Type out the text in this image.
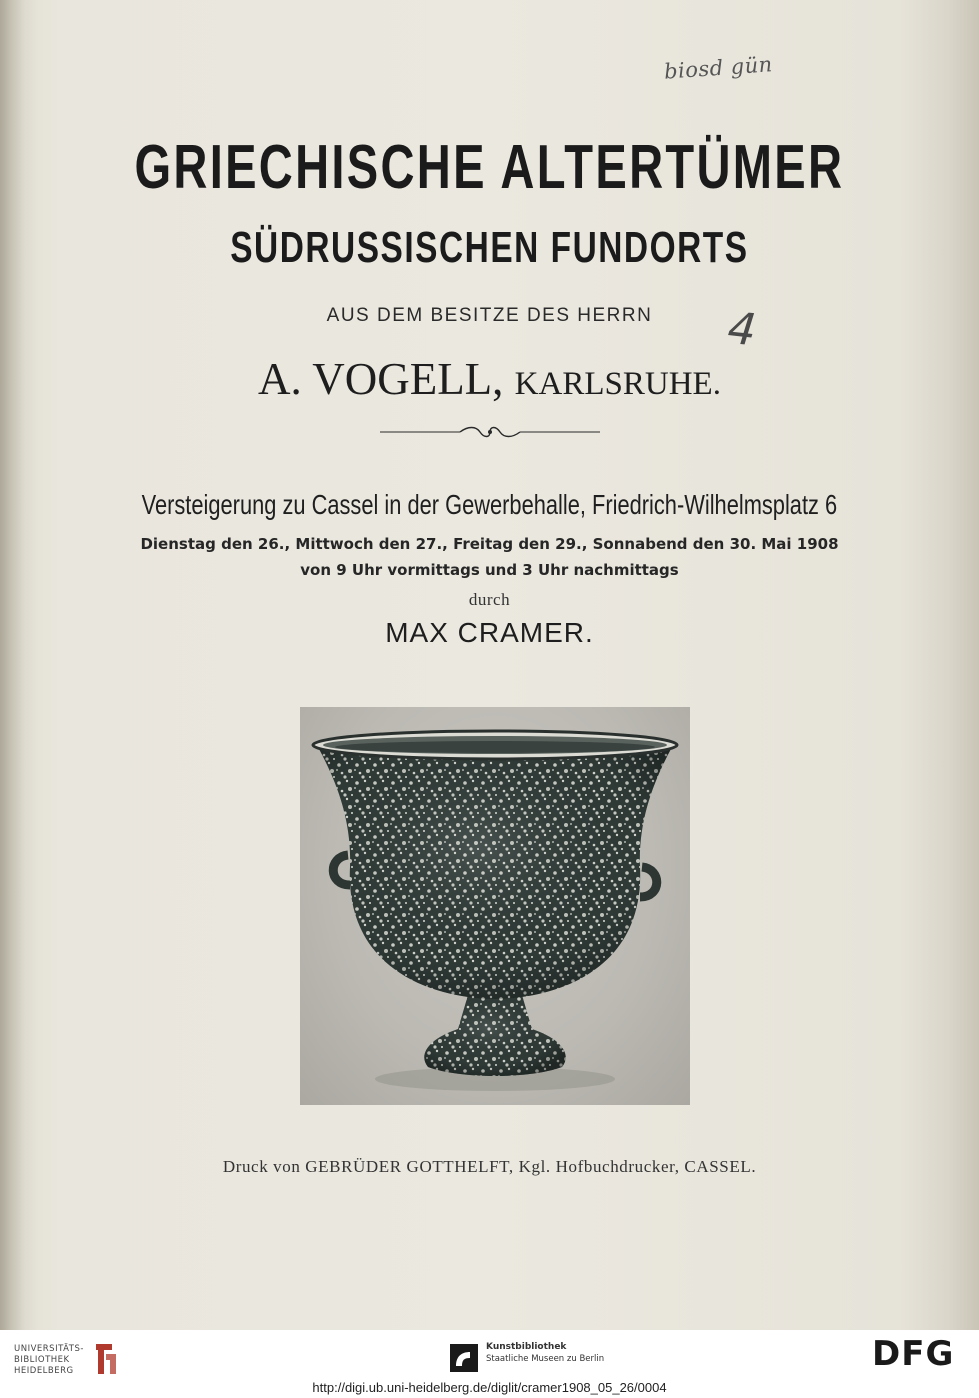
biosd gün
4
GRIECHISCHE ALTERTÜMER
SÜDRUSSISCHEN FUNDORTS
AUS DEM BESITZE DES HERRN
A. VOGELL, KARLSRUHE.
Versteigerung zu Cassel in der Gewerbehalle, Friedrich-Wilhelmsplatz 6
Dienstag den 26., Mittwoch den 27., Freitag den 29., Sonnabend den 30. Mai 1908
von 9 Uhr vormittags und 3 Uhr nachmittags
durch
MAX CRAMER.
Druck von GEBRÜDER GOTTHELFT, Kgl. Hofbuchdrucker, CASSEL.
UNIVERSITÄTS-
BIBLIOTHEK
HEIDELBERG
Kunstbibliothek
Staatliche Museen zu Berlin	DFG
http://digi.ub.uni-heidelberg.de/diglit/cramer1908_05_26/0004
